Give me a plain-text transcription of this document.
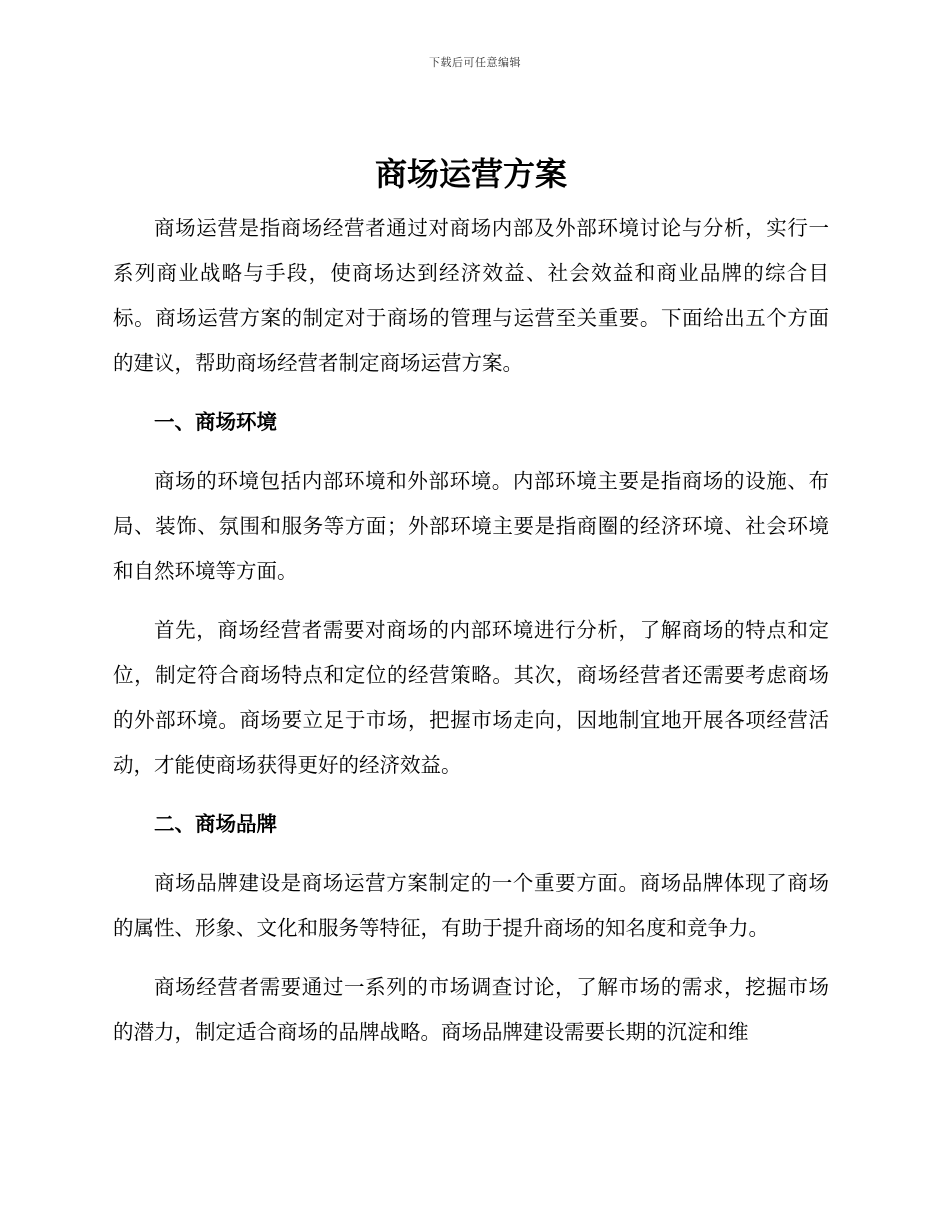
下载后可任意编辑
商场运营方案

商场运营是指商场经营者通过对商场内部及外部环境讨论与分析，实行一系列商业战略与手段，使商场达到经济效益、社会效益和商业品牌的综合目标。商场运营方案的制定对于商场的管理与运营至关重要。下面给出五个方面的建议，帮助商场经营者制定商场运营方案。

一、商场环境

商场的环境包括内部环境和外部环境。内部环境主要是指商场的设施、布局、装饰、氛围和服务等方面；外部环境主要是指商圈的经济环境、社会环境和自然环境等方面。

首先，商场经营者需要对商场的内部环境进行分析，了解商场的特点和定位，制定符合商场特点和定位的经营策略。其次，商场经营者还需要考虑商场的外部环境。商场要立足于市场，把握市场走向，因地制宜地开展各项经营活动，才能使商场获得更好的经济效益。

二、商场品牌

商场品牌建设是商场运营方案制定的一个重要方面。商场品牌体现了商场的属性、形象、文化和服务等特征，有助于提升商场的知名度和竞争力。

商场经营者需要通过一系列的市场调查讨论，了解市场的需求，挖掘市场的潜力，制定适合商场的品牌战略。商场品牌建设需要长期的沉淀和维
